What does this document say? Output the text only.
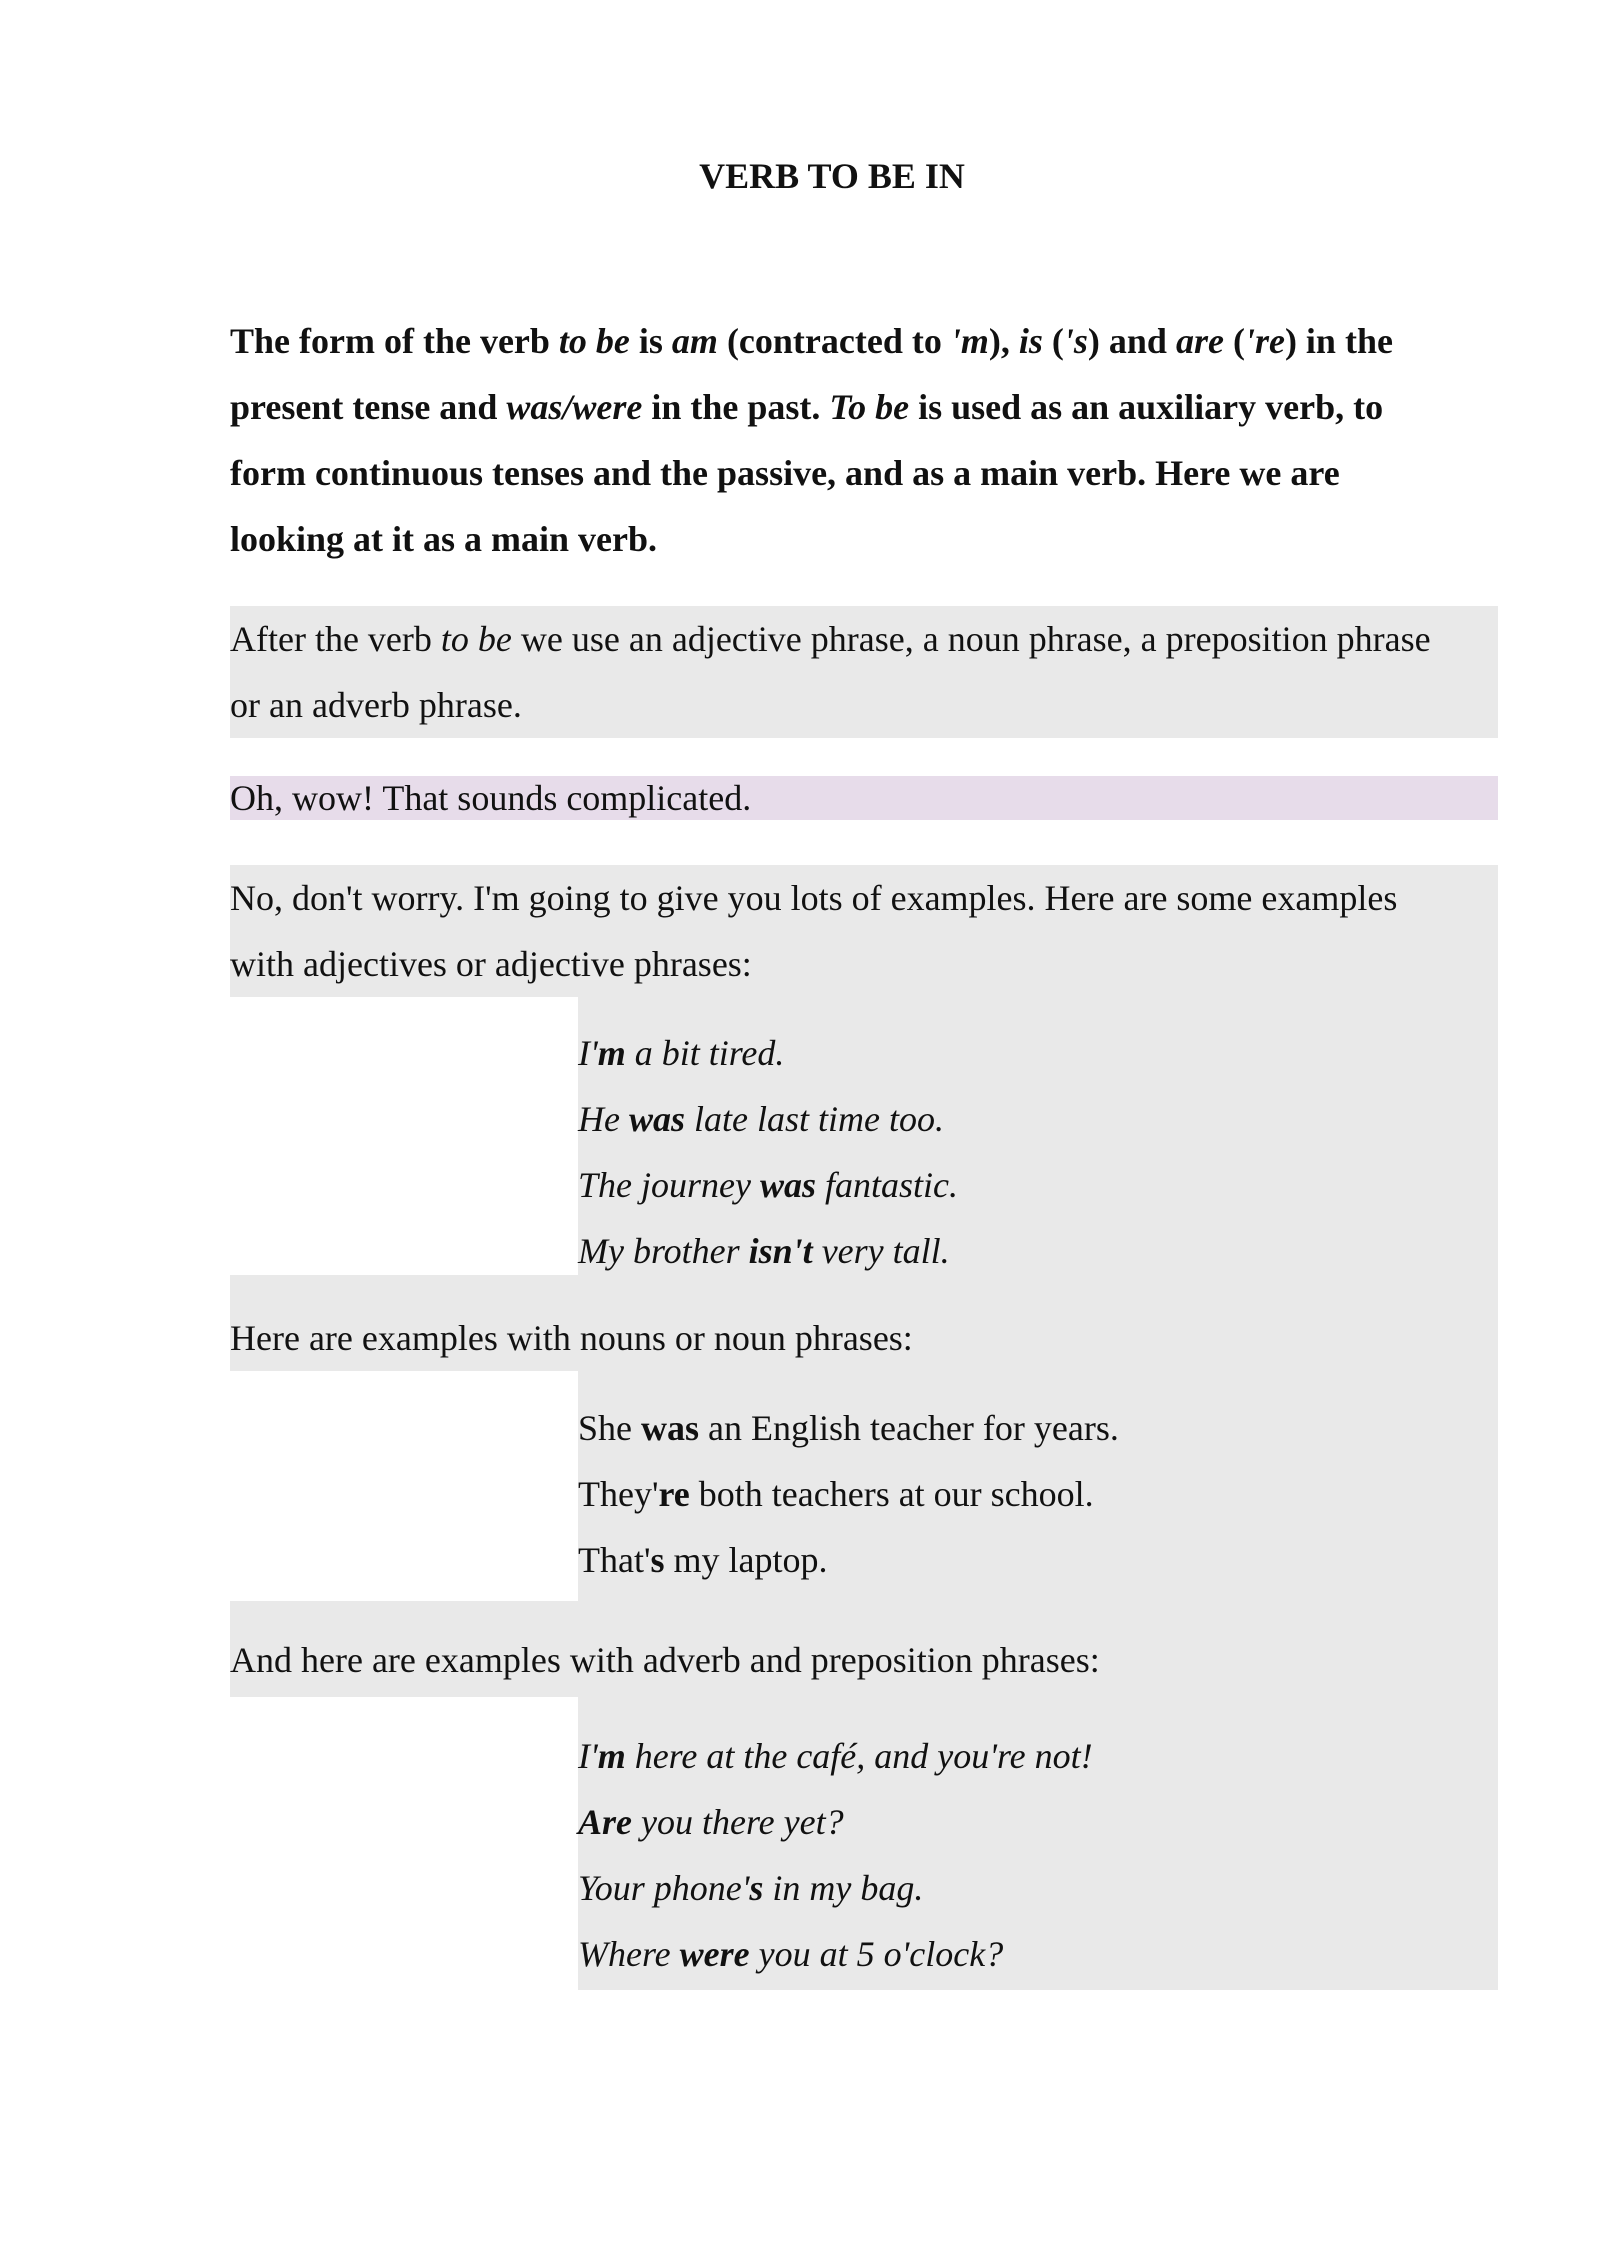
VERB TO BE IN
The form of the verb to be is am (contracted to 'm), is ('s) and are ('re) in the
present tense and was/were in the past. To be is used as an auxiliary verb, to
form continuous tenses and the passive, and as a main verb. Here we are
looking at it as a main verb.
After the verb to be we use an adjective phrase, a noun phrase, a preposition phrase
or an adverb phrase.
Oh, wow! That sounds complicated.
No, don't worry. I'm going to give you lots of examples. Here are some examples
with adjectives or adjective phrases:
I'm a bit tired.
He was late last time too.
The journey was fantastic.
My brother isn't very tall.
Here are examples with nouns or noun phrases:
She was an English teacher for years.
They're both teachers at our school.
That's my laptop.
And here are examples with adverb and preposition phrases:
I'm here at the café, and you're not!
Are you there yet?
Your phone's in my bag.
Where were you at 5 o'clock?
